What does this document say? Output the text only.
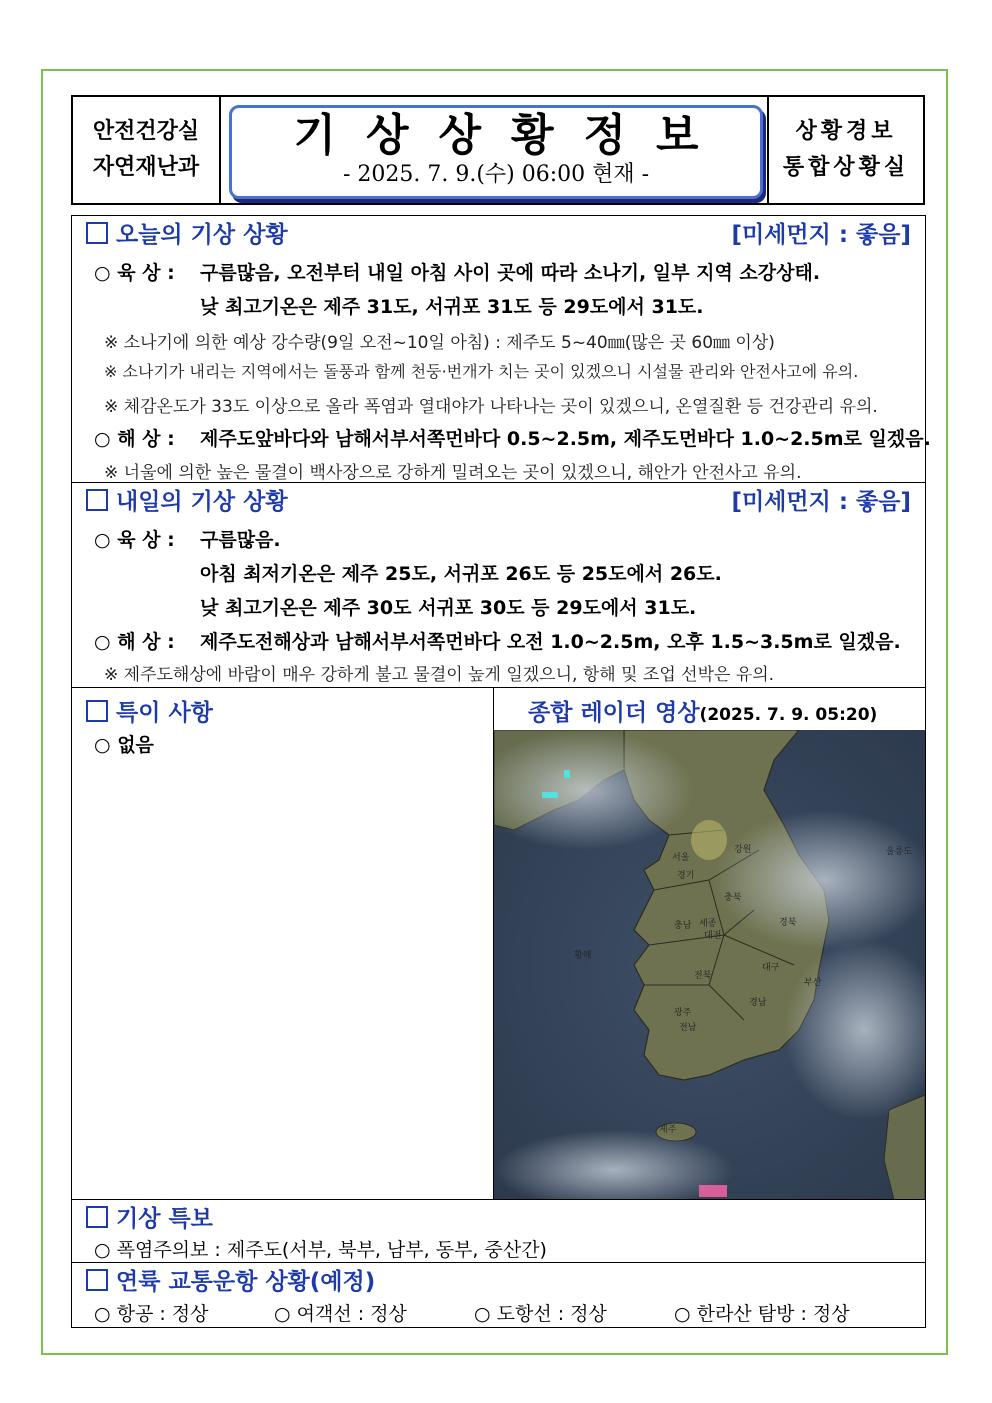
안전건강실
자연재난과
기상상황정보
- 2025. 7. 9.(수) 06:00 현재 -
상황경보
통합상황실
오늘의 기상 상황	[미세먼지 : 좋음]
○ 육 상 : 구름많음, 오전부터 내일 아침 사이 곳에 따라 소나기, 일부 지역 소강상태.
낮 최고기온은 제주 31도, 서귀포 31도 등 29도에서 31도.
※ 소나기에 의한 예상 강수량(9일 오전~10일 아침) : 제주도 5~40㎜(많은 곳 60㎜ 이상)
※ 소나기가 내리는 지역에서는 돌풍과 함께 천둥·번개가 치는 곳이 있겠으니 시설물 관리와 안전사고에 유의.
※ 체감온도가 33도 이상으로 올라 폭염과 열대야가 나타나는 곳이 있겠으니, 온열질환 등 건강관리 유의.
○ 해 상 : 제주도앞바다와 남해서부서쪽먼바다 0.5~2.5m, 제주도먼바다 1.0~2.5m로 일겠음.
※ 너울에 의한 높은 물결이 백사장으로 강하게 밀려오는 곳이 있겠으니, 해안가 안전사고 유의.
내일의 기상 상황	[미세먼지 : 좋음]
○ 육 상 : 구름많음.
아침 최저기온은 제주 25도, 서귀포 26도 등 25도에서 26도.
낮 최고기온은 제주 30도 서귀포 30도 등 29도에서 31도.
○ 해 상 : 제주도전해상과 남해서부서쪽먼바다 오전 1.0~2.5m, 오후 1.5~3.5m로 일겠음.
※ 제주도해상에 바람이 매우 강하게 불고 물결이 높게 일겠으니, 항해 및 조업 선박은 유의.
특이 사항
○ 없음
종합 레이더 영상(2025. 7. 9. 05:20)
서울
경기
강원
충북
충남 세종
대전
경북
전북
대구
광주
경남
부산
전남
제주
울릉도
황해
기상 특보
○ 폭염주의보 : 제주도(서부, 북부, 남부, 동부, 중산간)
연륙 교통운항 상황(예정)
○ 항공 : 정상	○ 여객선 : 정상	○ 도항선 : 정상	○ 한라산 탐방 : 정상
